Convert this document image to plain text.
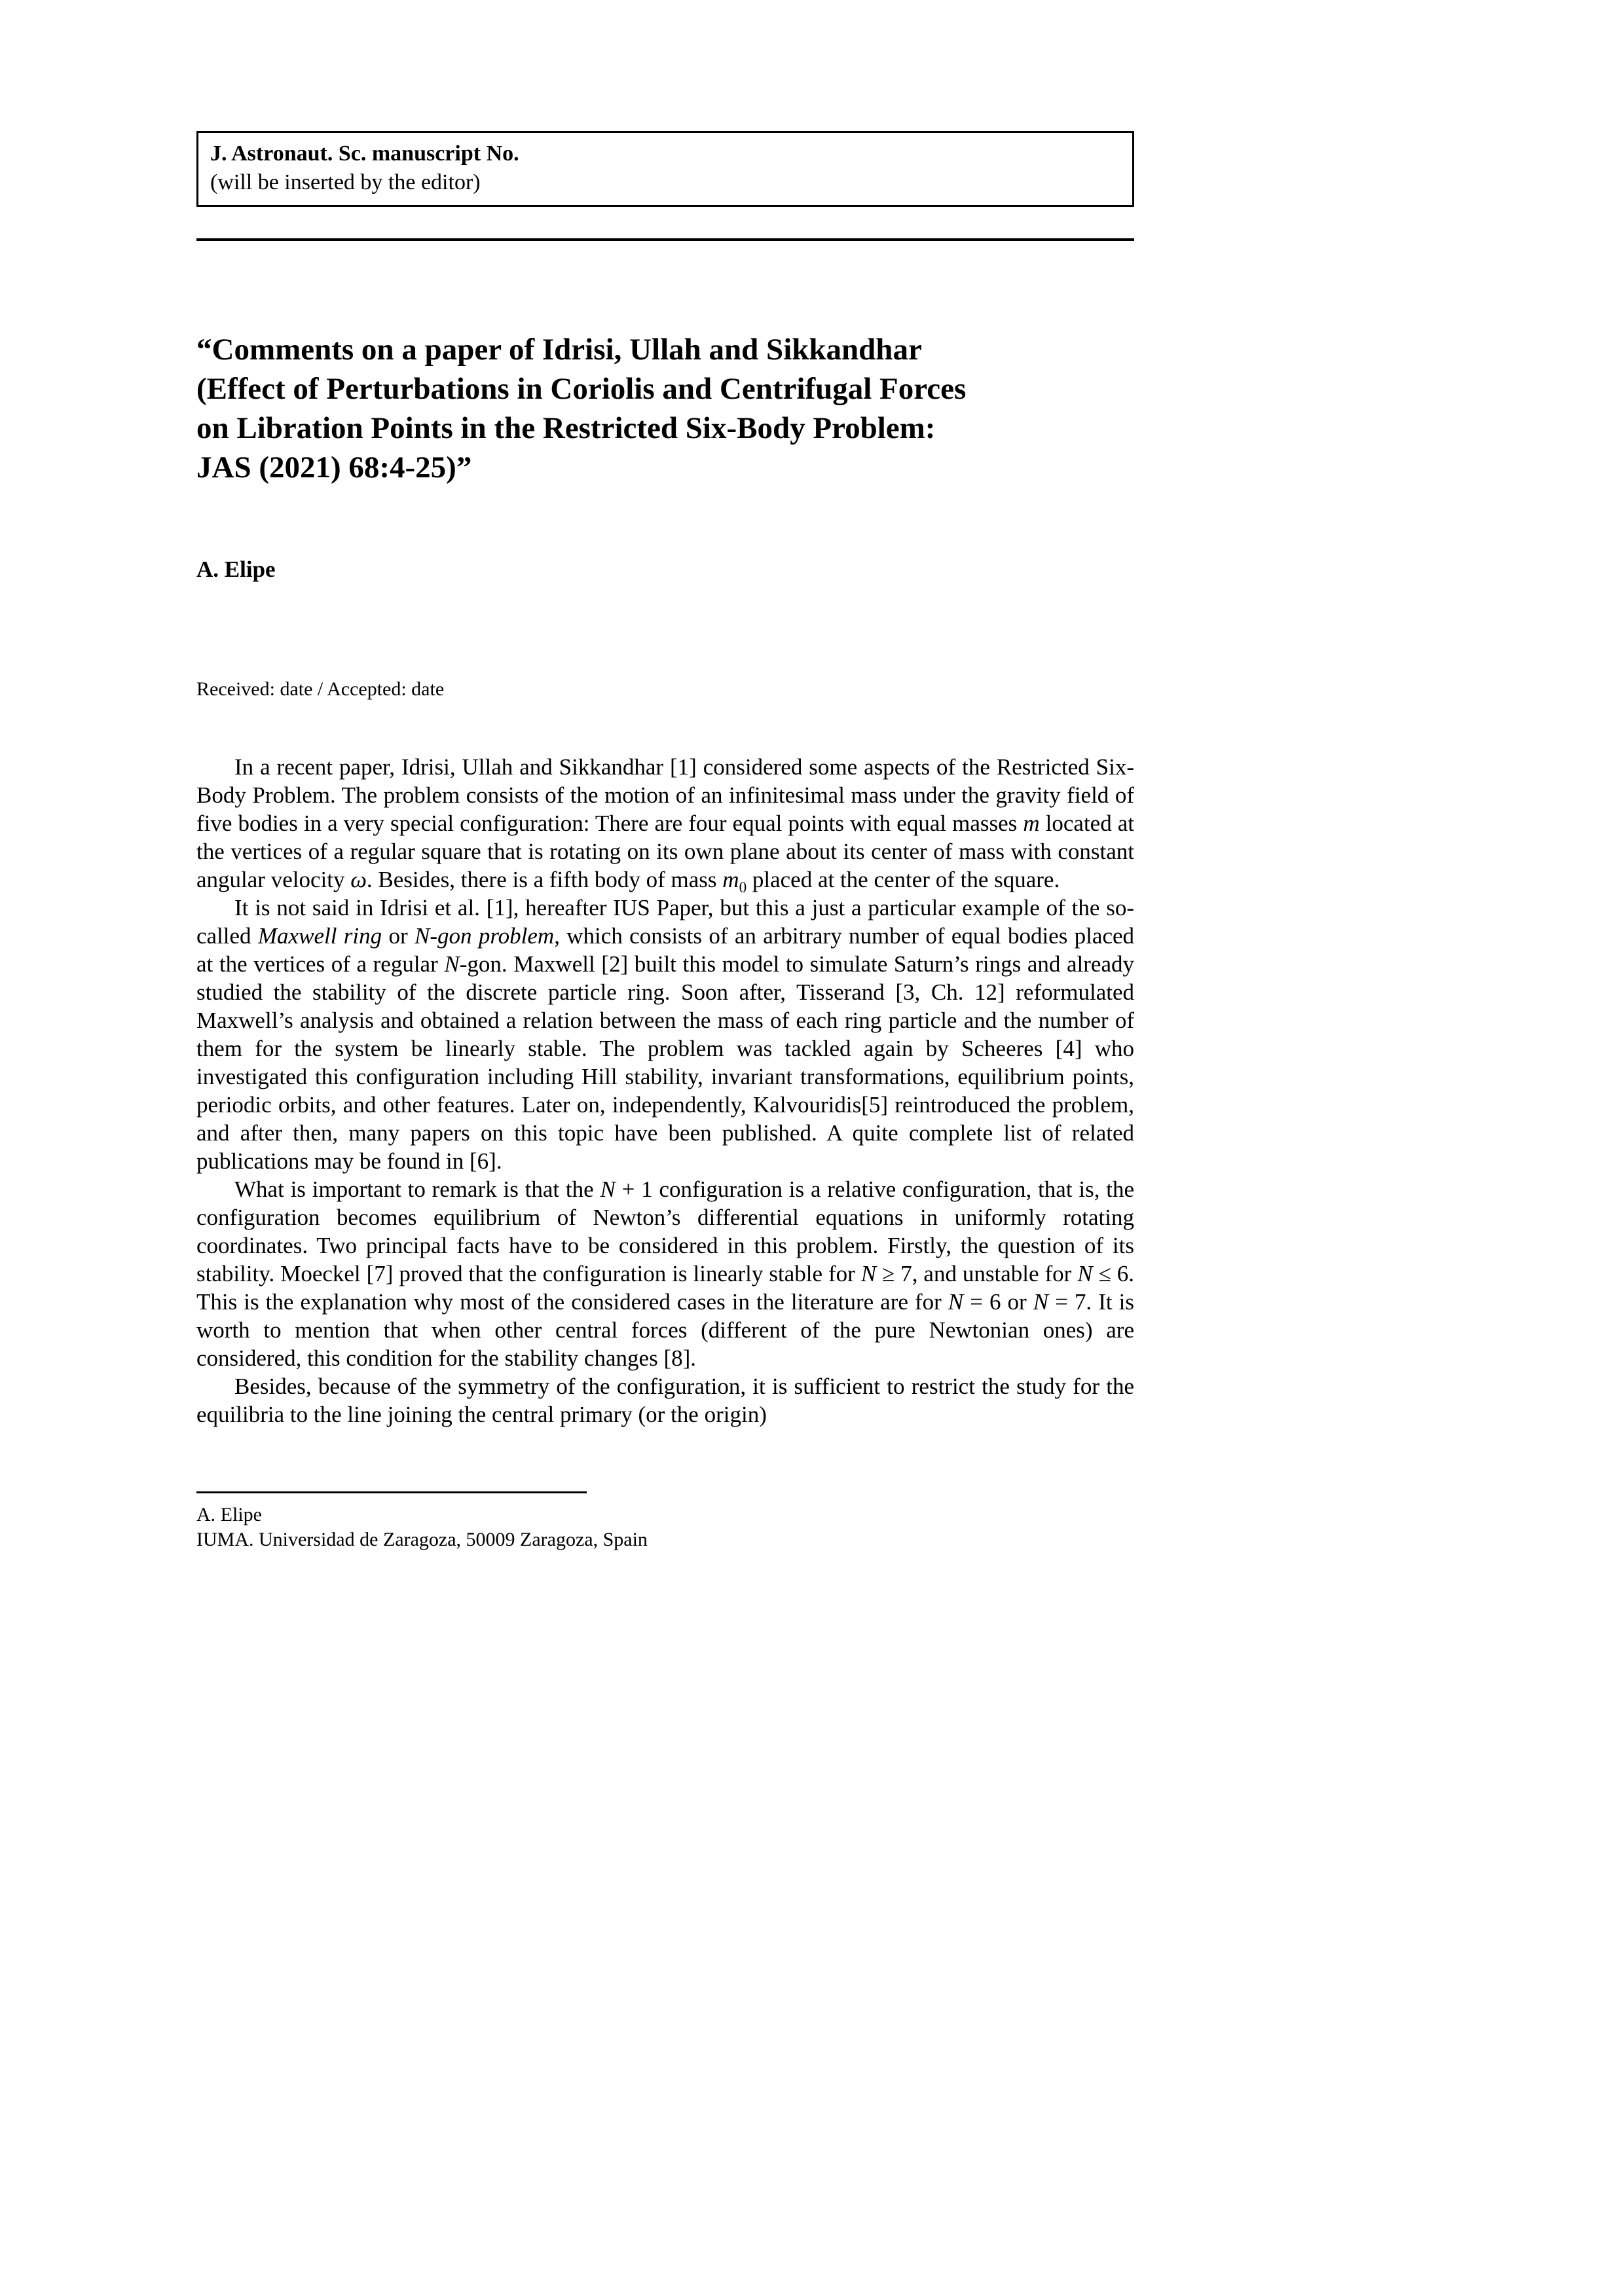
J. Astronaut. Sc. manuscript No.
(will be inserted by the editor)
“Comments on a paper of Idrisi, Ullah and Sikkandhar
(Effect of Perturbations in Coriolis and Centrifugal Forces
on Libration Points in the Restricted Six-Body Problem:
JAS (2021) 68:4-25)”
A. Elipe
Received: date / Accepted: date

In a recent paper, Idrisi, Ullah and Sikkandhar [1] considered some aspects of the Restricted Six-Body Problem. The problem consists of the motion of an infinitesimal mass under the gravity field of five bodies in a very special configuration: There are four equal points with equal masses m located at the vertices of a regular square that is rotating on its own plane about its center of mass with constant angular velocity ω. Besides, there is a fifth body of mass $m_0$ placed at the center of the square.

It is not said in Idrisi et al. [1], hereafter IUS Paper, but this a just a particular example of the so-called Maxwell ring or N-gon problem, which consists of an arbitrary number of equal bodies placed at the vertices of a regular N-gon. Maxwell [2] built this model to simulate Saturn’s rings and already studied the stability of the discrete particle ring. Soon after, Tisserand [3, Ch. 12] reformulated Maxwell’s analysis and obtained a relation between the mass of each ring particle and the number of them for the system be linearly stable. The problem was tackled again by Scheeres [4] who investigated this configuration including Hill stability, invariant transformations, equilibrium points, periodic orbits, and other features. Later on, independently, Kalvouridis[5] reintroduced the problem, and after then, many papers on this topic have been published. A quite complete list of related publications may be found in [6].

What is important to remark is that the N + 1 configuration is a relative configuration, that is, the configuration becomes equilibrium of Newton’s differential equations in uniformly rotating coordinates. Two principal facts have to be considered in this problem. Firstly, the question of its stability. Moeckel [7] proved that the configuration is linearly stable for N ≥ 7, and unstable for N ≤ 6. This is the explanation why most of the considered cases in the literature are for N = 6 or N = 7. It is worth to mention that when other central forces (different of the pure Newtonian ones) are considered, this condition for the stability changes [8].

Besides, because of the symmetry of the configuration, it is sufficient to restrict the study for the equilibria to the line joining the central primary (or the origin)

A. Elipe
IUMA. Universidad de Zaragoza, 50009 Zaragoza, Spain
